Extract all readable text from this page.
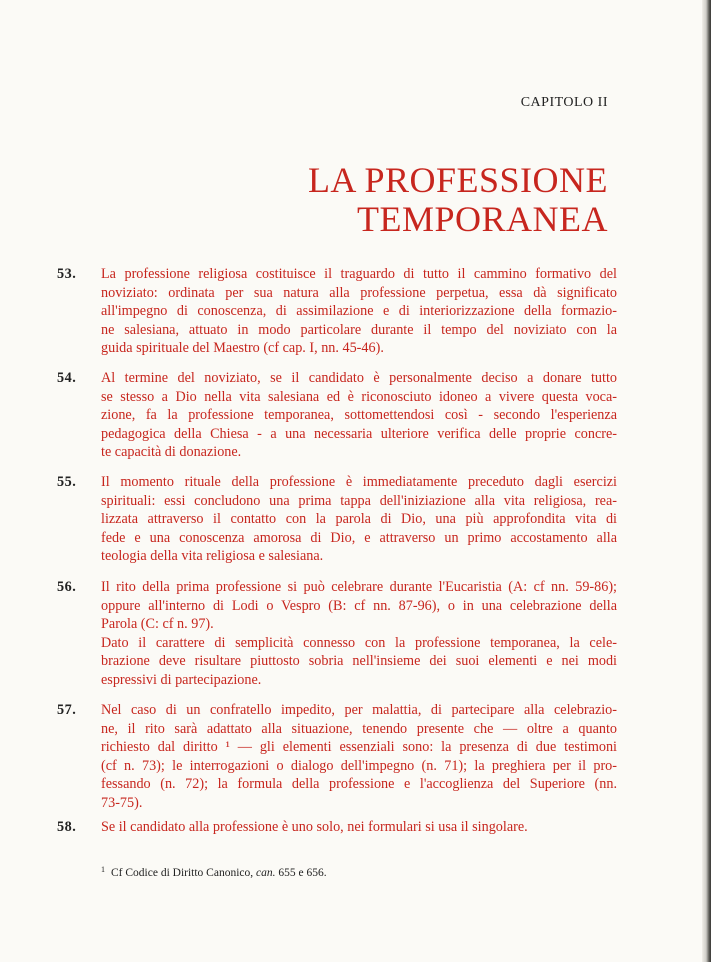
CAPITOLO II
LA PROFESSIONE
TEMPORANEA
53. La professione religiosa costituisce il traguardo di tutto il cammino formativo del
noviziato: ordinata per sua natura alla professione perpetua, essa dà significato
all'impegno di conoscenza, di assimilazione e di interiorizzazione della formazio-
ne salesiana, attuato in modo particolare durante il tempo del noviziato con la
guida spirituale del Maestro (cf cap. I, nn. 45-46).
54. Al termine del noviziato, se il candidato è personalmente deciso a donare tutto
se stesso a Dio nella vita salesiana ed è riconosciuto idoneo a vivere questa voca-
zione, fa la professione temporanea, sottomettendosi così - secondo l'esperienza
pedagogica della Chiesa - a una necessaria ulteriore verifica delle proprie concre-
te capacità di donazione.
55. Il momento rituale della professione è immediatamente preceduto dagli esercizi
spirituali: essi concludono una prima tappa dell'iniziazione alla vita religiosa, rea-
lizzata attraverso il contatto con la parola di Dio, una più approfondita vita di
fede e una conoscenza amorosa di Dio, e attraverso un primo accostamento alla
teologia della vita religiosa e salesiana.
56. Il rito della prima professione si può celebrare durante l'Eucaristia (A: cf nn. 59-86);
oppure all'interno di Lodi o Vespro (B: cf nn. 87-96), o in una celebrazione della
Parola (C: cf n. 97).
Dato il carattere di semplicità connesso con la professione temporanea, la cele-
brazione deve risultare piuttosto sobria nell'insieme dei suoi elementi e nei modi
espressivi di partecipazione.
57. Nel caso di un confratello impedito, per malattia, di partecipare alla celebrazio-
ne, il rito sarà adattato alla situazione, tenendo presente che — oltre a quanto
richiesto dal diritto ¹ — gli elementi essenziali sono: la presenza di due testimoni
(cf n. 73); le interrogazioni o dialogo dell'impegno (n. 71); la preghiera per il pro-
fessando (n. 72); la formula della professione e l'accoglienza del Superiore (nn.
73-75).
58. Se il candidato alla professione è uno solo, nei formulari si usa il singolare.
$^1$ Cf Codice di Diritto Canonico, can. 655 e 656.
